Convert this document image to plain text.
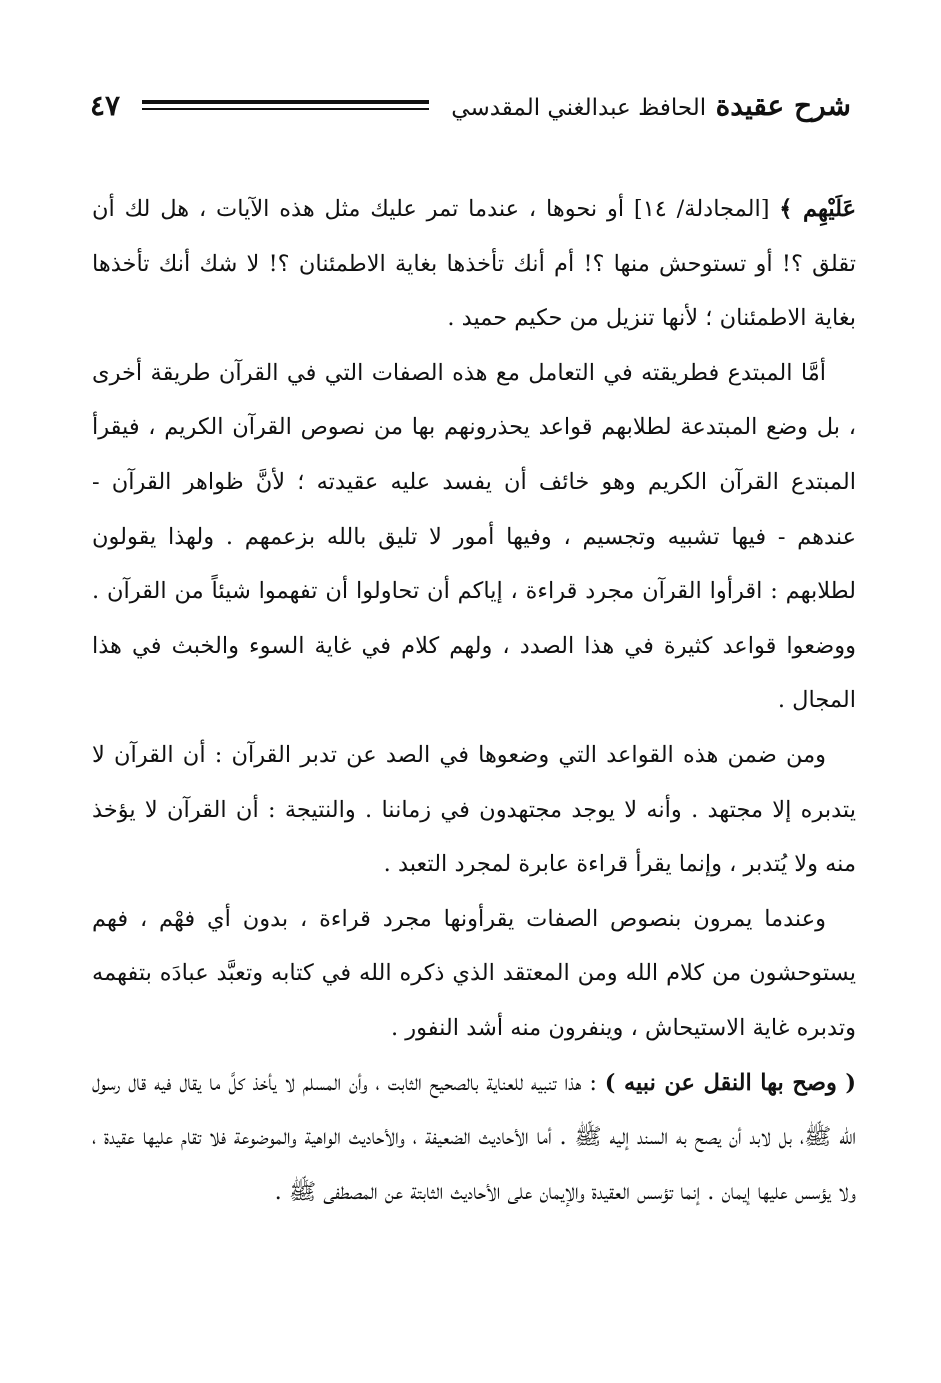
شرح عقيدة الحافظ عبدالغني المقدسي
٤٧

عَلَيْهِم ﴾ [المجادلة/ ١٤] أو نحوها ، عندما تمر عليك مثل هذه الآيات ، هل لك أن تقلق ؟! أو تستوحش منها ؟! أم أنك تأخذها بغاية الاطمئنان ؟! لا شك أنك تأخذها بغاية الاطمئنان ؛ لأنها تنزيل من حكيم حميد .

أمَّا المبتدع فطريقته في التعامل مع هذه الصفات التي في القرآن طريقة أخرى ، بل وضع المبتدعة لطلابهم قواعد يحذرونهم بها من نصوص القرآن الكريم ، فيقرأ المبتدع القرآن الكريم وهو خائف أن يفسد عليه عقيدته ؛ لأنَّ ظواهر القرآن - عندهم - فيها تشبيه وتجسيم ، وفيها أمور لا تليق بالله بزعمهم . ولهذا يقولون لطلابهم : اقرأوا القرآن مجرد قراءة ، إياكم أن تحاولوا أن تفهموا شيئاً من القرآن . ووضعوا قواعد كثيرة في هذا الصدد ، ولهم كلام في غاية السوء والخبث في هذا المجال .

ومن ضمن هذه القواعد التي وضعوها في الصد عن تدبر القرآن : أن القرآن لا يتدبره إلا مجتهد . وأنه لا يوجد مجتهدون في زماننا . والنتيجة : أن القرآن لا يؤخذ منه ولا يُتدبر ، وإنما يقرأ قراءة عابرة لمجرد التعبد .

وعندما يمرون بنصوص الصفات يقرأونها مجرد قراءة ، بدون أي فهْم ، فهم يستوحشون من كلام الله ومن المعتقد الذي ذكره الله في كتابه وتعبَّد عبادَه بتفهمه وتدبره غاية الاستيحاش ، وينفرون منه أشد النفور .

( وصح بها النقل عن نبيه ) : هذا تنبيه للعناية بالصحيح الثابت ، وأن المسلم لا يأخذ كلَّ ما يقال فيه قال رسول الله ﷺ، بل لابد أن يصح به السند إليه ﷺ . أما الأحاديث الضعيفة ، والأحاديث الواهية والموضوعة فلا تقام عليها عقيدة ، ولا يؤسس عليها إيمان . إنما تؤسس العقيدة والإيمان على الأحاديث الثابتة عن المصطفى ﷺ .
